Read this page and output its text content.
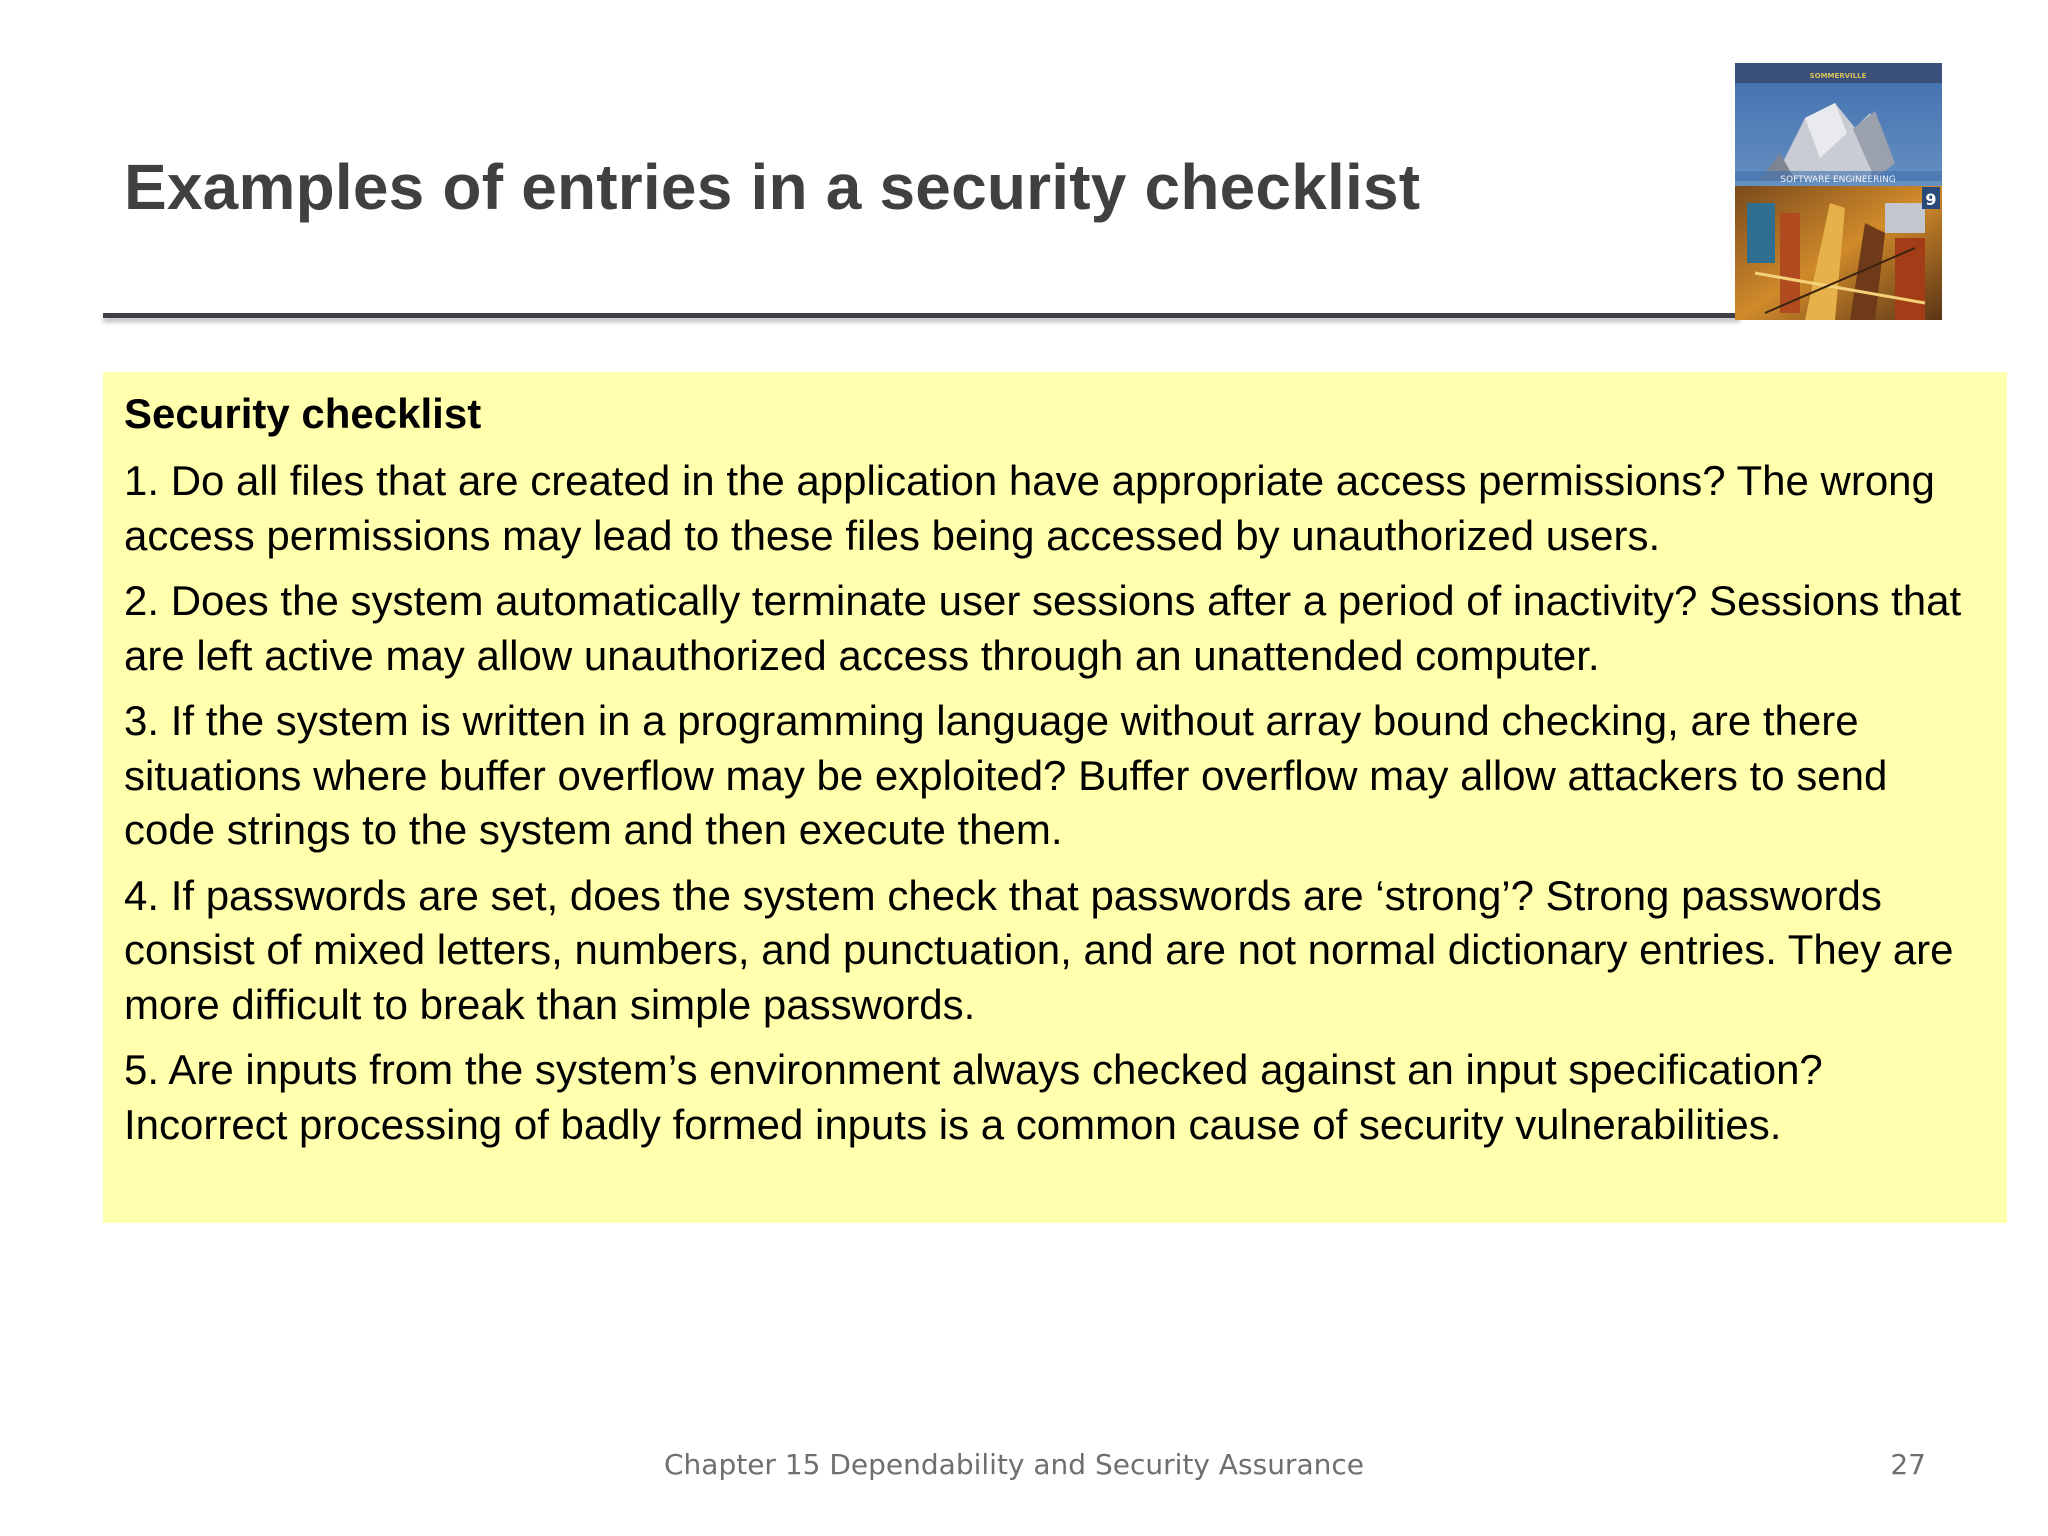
Examples of entries in a security checklist
SOMMERVILLE
SOFTWARE ENGINEERING
9
Security checklist

1. Do all files that are created in the application have appropriate access permissions? The wrong access permissions may lead to these files being accessed by unauthorized users.

2. Does the system automatically terminate user sessions after a period of inactivity? Sessions that are left active may allow unauthorized access through an unattended computer.

3. If the system is written in a programming language without array bound checking, are there situations where buffer overflow may be exploited? Buffer overflow may allow attackers to send code strings to the system and then execute them.

4. If passwords are set, does the system check that passwords are ‘strong’? Strong passwords consist of mixed letters, numbers, and punctuation, and are not normal dictionary entries. They are more difficult to break than simple passwords.

5. Are inputs from the system’s environment always checked against an input specification? Incorrect processing of badly formed inputs is a common cause of security vulnerabilities.

Chapter 15 Dependability and Security Assurance	27
